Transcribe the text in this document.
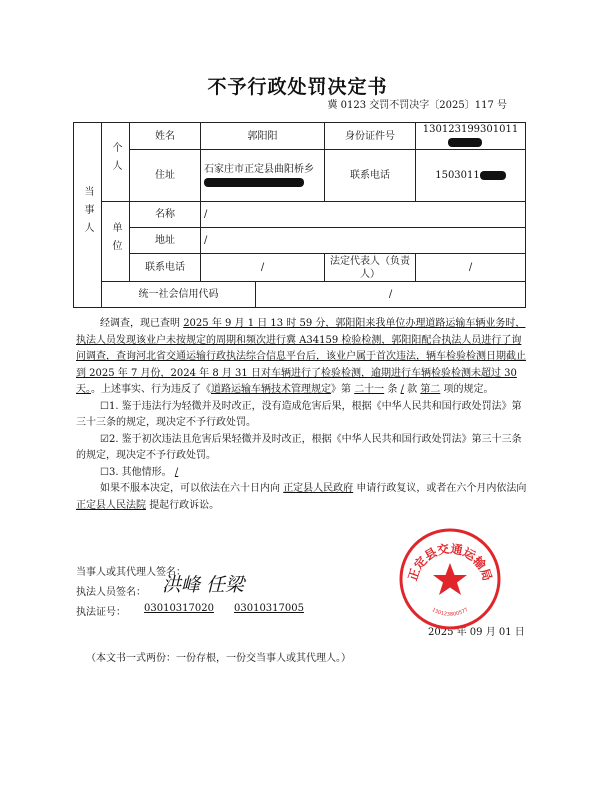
不予行政处罚决定书
冀 0123 交罚不罚决字〔2025〕117 号
当事人	个人	姓名	郭阳阳		身份证件号	130123199301011
		住址	石家庄市正定县曲阳桥乡		联系电话	1503011
	单位	名称	/			
		地址	/			
		联系电话	/		法定代表人（负责人）	/
	统一社会信用代码			/		

经调查，现已查明 2025 年 9 月 1 日 13 时 59 分，郭阳阳来我单位办理道路运输车辆业务时，执法人员发现该业户未按规定的周期和频次进行冀 A34159 检验检测，郭阳阳配合执法人员进行了询问调查，查询河北省交通运输行政执法综合信息平台后，该业户属于首次违法，辆车检验检测日期截止到 2025 年 7 月份，2024 年 8 月 31 日对车辆进行了检验检测，逾期进行车辆检验检测未超过 30 天。。上述事实、行为违反了《道路运输车辆技术管理规定》第 二十一 条 / 款 第二 项的规定。

☐1. 鉴于违法行为轻微并及时改正，没有造成危害后果，根据《中华人民共和国行政处罚法》第三十三条的规定，现决定不予行政处罚。

☑2. 鉴于初次违法且危害后果轻微并及时改正，根据《中华人民共和国行政处罚法》第三十三条的规定，现决定不予行政处罚。

☐3. 其他情形。 /

如果不服本决定，可以依法在六十日内向 正定县人民政府 申请行政复议，或者在六个月内依法向正定县人民法院 提起行政诉讼。

当事人或其代理人签名：
执法人员签名： 洪峰 任梁
执法证号： 03010317020 03010317005
2025 年 09 月 01 日
正定县交通运输局
130123800577
（本文书一式两份：一份存根，一份交当事人或其代理人。）
